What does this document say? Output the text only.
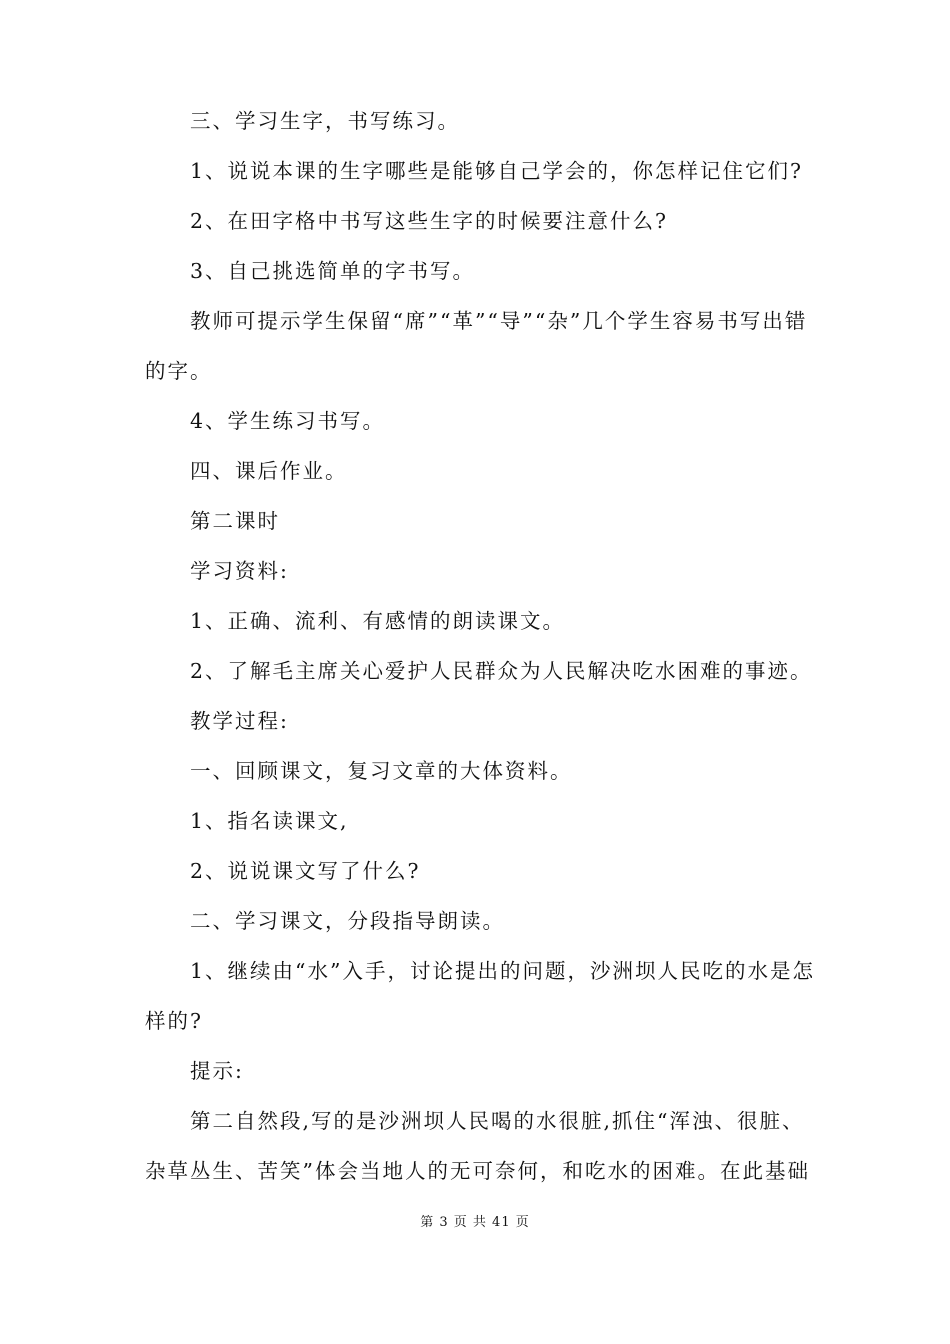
三、学习生字，书写练习。

1、说说本课的生字哪些是能够自己学会的，你怎样记住它们?

2、在田字格中书写这些生字的时候要注意什么?

3、自己挑选简单的字书写。

教师可提示学生保留“席”“革”“导”“杂”几个学生容易书写出错的字。

4、学生练习书写。

四、课后作业。

第二课时

学习资料:

1、正确、流利、有感情的朗读课文。

2、了解毛主席关心爱护人民群众为人民解决吃水困难的事迹。

教学过程:

一、回顾课文，复习文章的大体资料。

1、指名读课文,

2、说说课文写了什么?

二、学习课文，分段指导朗读。

1、继续由“水”入手，讨论提出的问题，沙洲坝人民吃的水是怎样的?

提示:

第二自然段,写的是沙洲坝人民喝的水很脏,抓住“浑浊、很脏、杂草丛生、苦笑”体会当地人的无可奈何，和吃水的困难。在此基础

第 3 页 共 41 页
